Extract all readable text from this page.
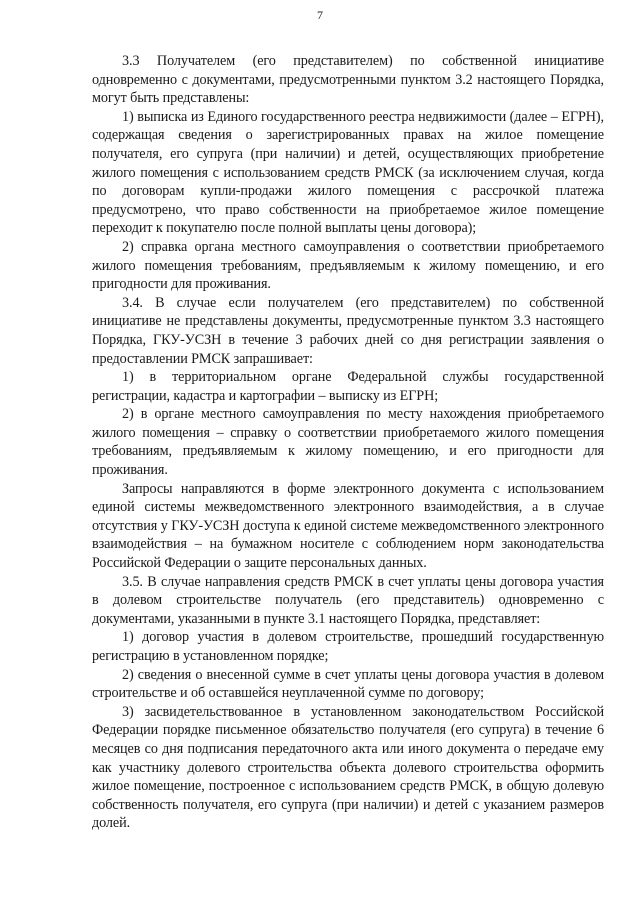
7

3.3 Получателем (его представителем) по собственной инициативе одновременно с документами, предусмотренными пунктом 3.2 настоящего Порядка, могут быть представлены:

1) выписка из Единого государственного реестра недвижимости (далее – ЕГРН), содержащая сведения о зарегистрированных правах на жилое помещение получателя, его супруга (при наличии) и детей, осуществляющих приобретение жилого помещения с использованием средств РМСК (за исключением случая, когда по договорам купли-продажи жилого помещения с рассрочкой платежа предусмотрено, что право собственности на приобретаемое жилое помещение переходит к покупателю после полной выплаты цены договора);

2) справка органа местного самоуправления о соответствии приобретаемого жилого помещения требованиям, предъявляемым к жилому помещению, и его пригодности для проживания.

3.4. В случае если получателем (его представителем) по собственной инициативе не представлены документы, предусмотренные пунктом 3.3 настоящего Порядка, ГКУ-УСЗН в течение 3 рабочих дней со дня регистрации заявления о предоставлении РМСК запрашивает:

1) в территориальном органе Федеральной службы государственной регистрации, кадастра и картографии – выписку из ЕГРН;

2) в органе местного самоуправления по месту нахождения приобретаемого жилого помещения – справку о соответствии приобретаемого жилого помещения требованиям, предъявляемым к жилому помещению, и его пригодности для проживания.

Запросы направляются в форме электронного документа с использованием единой системы межведомственного электронного взаимодействия, а в случае отсутствия у ГКУ-УСЗН доступа к единой системе межведомственного электронного взаимодействия – на бумажном носителе с соблюдением норм законодательства Российской Федерации о защите персональных данных.

3.5. В случае направления средств РМСК в счет уплаты цены договора участия в долевом строительстве получатель (его представитель) одновременно с документами, указанными в пункте 3.1 настоящего Порядка, представляет:

1) договор участия в долевом строительстве, прошедший государственную регистрацию в установленном порядке;

2) сведения о внесенной сумме в счет уплаты цены договора участия в долевом строительстве и об оставшейся неуплаченной сумме по договору;

3) засвидетельствованное в установленном законодательством Российской Федерации порядке письменное обязательство получателя (его супруга) в течение 6 месяцев со дня подписания передаточного акта или иного документа о передаче ему как участнику долевого строительства объекта долевого строительства оформить жилое помещение, построенное с использованием средств РМСК, в общую долевую собственность получателя, его супруга (при наличии) и детей с указанием размеров долей.
